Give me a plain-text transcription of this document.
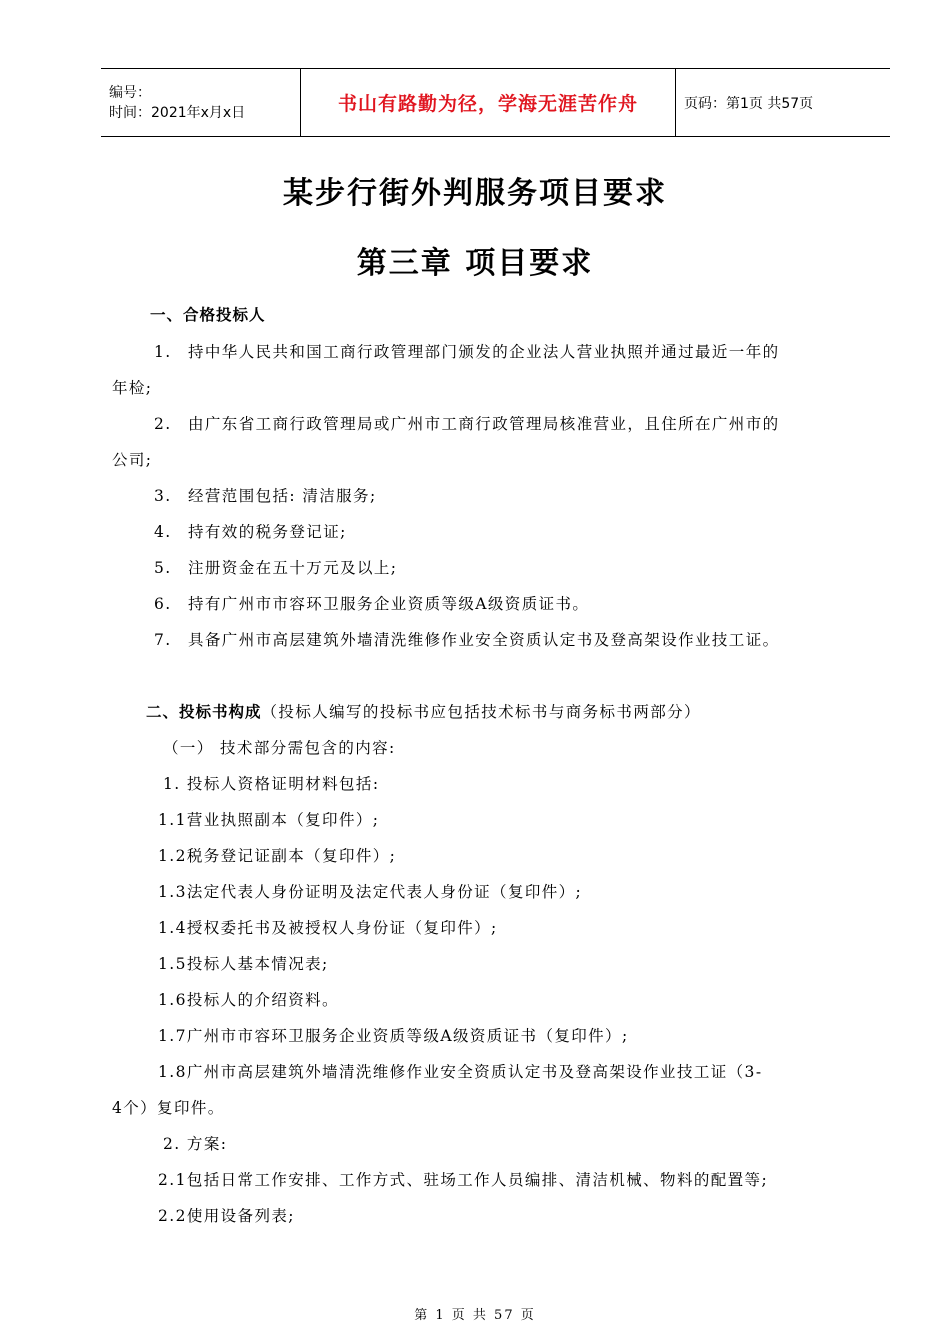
编号：
时间：2021年x月x日	书山有路勤为径，学海无涯苦作舟	页码：第1页 共57页
某步行街外判服务项目要求
第三章 项目要求
一、合格投标人
1. 持中华人民共和国工商行政管理部门颁发的企业法人营业执照并通过最近一年的
年检;
2. 由广东省工商行政管理局或广州市工商行政管理局核准营业，且住所在广州市的
公司;
3. 经营范围包括: 清洁服务;
4. 持有效的税务登记证;
5. 注册资金在五十万元及以上;
6. 持有广州市市容环卫服务企业资质等级A级资质证书。
7. 具备广州市高层建筑外墙清洗维修作业安全资质认定书及登高架设作业技工证。
二、投标书构成（投标人编写的投标书应包括技术标书与商务标书两部分）
（一） 技术部分需包含的内容:
1. 投标人资格证明材料包括:
1.1营业执照副本（复印件）;
1.2税务登记证副本（复印件）;
1.3法定代表人身份证明及法定代表人身份证（复印件）;
1.4授权委托书及被授权人身份证（复印件）;
1.5投标人基本情况表;
1.6投标人的介绍资料。
1.7广州市市容环卫服务企业资质等级A级资质证书（复印件）;
1.8广州市高层建筑外墙清洗维修作业安全资质认定书及登高架设作业技工证（3-
4个）复印件。
2. 方案:
2.1包括日常工作安排、工作方式、驻场工作人员编排、清洁机械、物料的配置等;
2.2使用设备列表;
第 1 页 共 57 页
